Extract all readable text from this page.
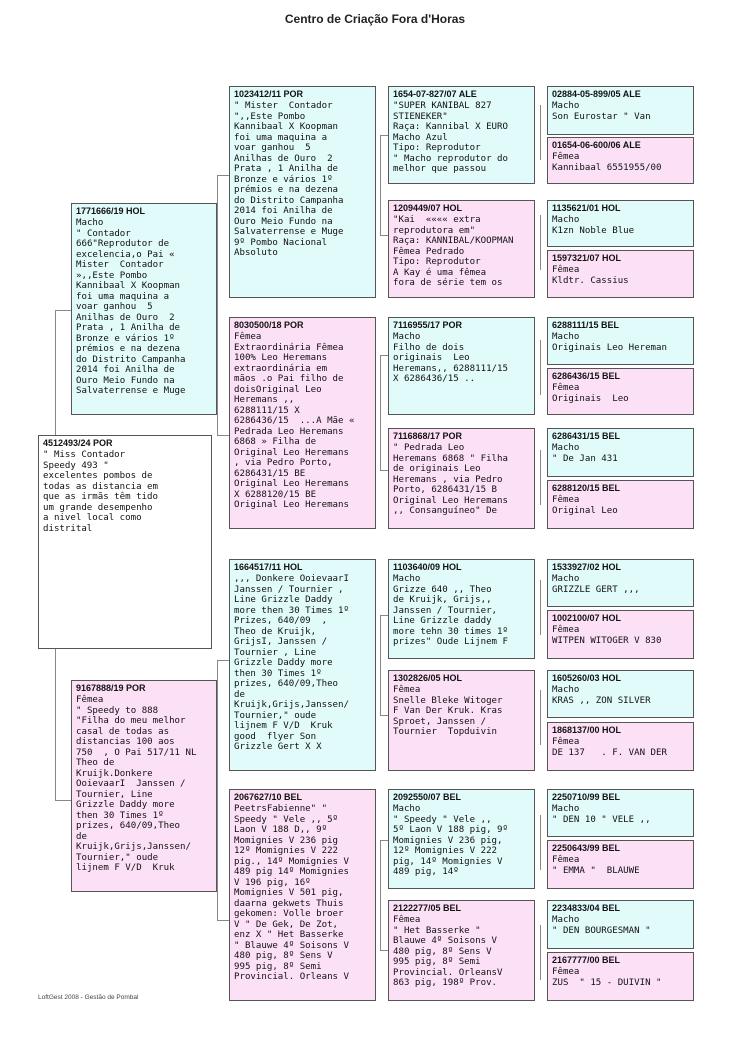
Centro de Criação Fora d'Horas
4512493/24 POR
" Miss Contador
Speedy 493 "
excelentes pombos de
todas as distancia em
que as irmãs têm tido
um grande desempenho
a nivel local como
distrital
1771666/19 HOL
Macho
" Contador
666"Reprodutor de
excelencia,o Pai «
Mister  Contador
»,,Este Pombo
Kannibaal X Koopman
foi uma maquina a
voar ganhou  5
Anilhas de Ouro  2
Prata , 1 Anilha de
Bronze e vários 1º
prémios e na dezena
do Distrito Campanha
2014 foi Anilha de
Ouro Meio Fundo na
Salvaterrense e Muge
9167888/19 POR
Fêmea
" Speedy to 888
"Filha do meu melhor
casal de todas as
distancias 100 aos
750  , O Pai 517/11 NL
Theo de
Kruijk.Donkere
OoievaarI  Janssen /
Tournier, Line
Grizzle Daddy more
then 30 Times 1º
prizes, 640/09,Theo
de
Kruijk,Grijs,Janssen/
Tournier," oude
lijnem F V/D  Kruk
1023412/11 POR
" Mister  Contador
",,Este Pombo
Kannibaal X Koopman
foi uma maquina a
voar ganhou  5
Anilhas de Ouro  2
Prata , 1 Anilha de
Bronze e vários 1º
prémios e na dezena
do Distrito Campanha
2014 foi Anilha de
Ouro Meio Fundo na
Salvaterrense e Muge
9º Pombo Nacional
Absoluto
8030500/18 POR
Fêmea
Extraordinária Fêmea
100% Leo Heremans
extraordinária em
mãos .o Pai filho de
doisOriginal Leo
Heremans ,,
6288111/15 X
6286436/15  ...A Mãe «
Pedrada Leo Heremans
6868 » Filha de
Original Leo Heremans
, via Pedro Porto,
6286431/15 BE
Original Leo Heremans
X 6288120/15 BE
Original Leo Heremans
1664517/11 HOL
,,, Donkere OoievaarI
Janssen / Tournier ,
Line Grizzle Daddy
more then 30 Times 1º
Prizes, 640/09  ,
Theo de Kruijk,
GrijsI, Janssen /
Tournier , Line
Grizzle Daddy more
then 30 Times 1º
prizes, 640/09,Theo
de
Kruijk,Grijs,Janssen/
Tournier," oude
lijnem F V/D  Kruk
good  flyer Son
Grizzle Gert X X
2067627/10 BEL
PeetrsFabienne" "
Speedy " Vele ,, 5º
Laon V 188 D,, 9º
Momignies V 236 pig
12º Momignies V 222
pig., 14º Momignies V
489 pig 14º Momignies
V 196 pig, 16º
Momignies V 501 pig,
daarna gekwets Thuis
gekomen: Volle broer
V " De Gek, De Zot,
enz X " Het Basserke
" Blauwe 4º Soisons V
480 pig, 8º Sens V
995 pig, 8º Semi
Provincial. Orleans V
1654-07-827/07 ALE
"SUPER KANIBAL 827
STIENEKER"
Raça: Kannibal X EURO
Macho Azul
Tipo: Reprodutor
" Macho reprodutor do
melhor que passou
1209449/07 HOL
"Kai  «««« extra
reprodutora em"
Raça: KANNIBAL/KOOPMAN
Fêmea Pedrado
Tipo: Reprodutor
A Kay é uma fêmea
fora de série tem os
7116955/17 POR
Macho
Filho de dois
originais  Leo
Heremans,, 6288111/15
X 6286436/15 ..
7116868/17 POR
" Pedrada Leo
Heremans 6868 " Filha
de originais Leo
Heremans , via Pedro
Porto, 6286431/15 B
Original Leo Heremans
,, Consanguíneo" De
1103640/09 HOL
Macho
Grizze 640 ,, Theo
de Kruijk, Grijs,,
Janssen / Tournier,
Line Grizzle daddy
more tehn 30 times 1º
prizes" Oude Lijnem F
1302826/05 HOL
Fêmea
Snelle Bleke Witoger
F Van Der Kruk. Kras
Sproet, Janssen /
Tournier  Topduivin
2092550/07 BEL
Macho
" Speedy " Vele ,,
5º Laon V 188 pig, 9º
Momignies V 236 pig,
12º Momignies V 222
pig, 14º Momignies V
489 pig, 14º
2122277/05 BEL
Fêmea
" Het Basserke "
Blauwe 4º Soisons V
480 pig, 8º Sens V
995 pig, 8º Semi
Provincial. OrleansV
863 pig, 198º Prov.
02884-05-899/05 ALE
Macho
Son Eurostar " Van
01654-06-600/06 ALE
Fêmea
Kannibaal 6551955/00
1135621/01 HOL
Macho
K1zn Noble Blue
1597321/07 HOL
Fêmea
Kldtr. Cassius
6288111/15 BEL
Macho
Originais Leo Hereman
6286436/15 BEL
Fêmea
Originais  Leo
6286431/15 BEL
Macho
" De Jan 431
6288120/15 BEL
Fêmea
Original Leo
1533927/02 HOL
Macho
GRIZZLE GERT ,,,
1002100/07 HOL
Fêmea
WITPEN WITOGER V 830
1605260/03 HOL
Macho
KRAS ,, ZON SILVER
1868137/00 HOL
Fêmea
DE 137   . F. VAN DER
2250710/99 BEL
Macho
" DEN 10 " VELE ,,
2250643/99 BEL
Fêmea
" EMMA "  BLAUWE
2234833/04 BEL
Macho
" DEN BOURGESMAN "
2167777/00 BEL
Fêmea
ZUS  " 15 - DUIVIN "
LoftGest 2008 - Gestão de Pombal
